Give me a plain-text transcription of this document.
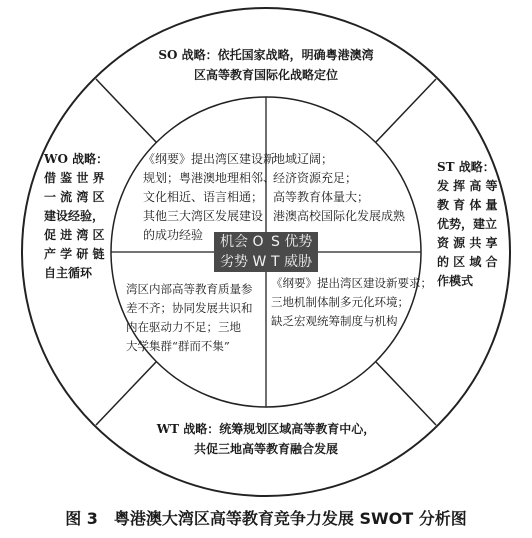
SO 战略：依托国家战略，明确粤港澳湾
区高等教育国际化战略定位
WO 战略：
借 鉴 世 界
一 流 湾 区
建设经验，
促 进 湾 区
产 学 研 链
自主循环
ST 战略：
发 挥 高 等
教 育 体 量
优势，建立
资 源 共 享
的 区 域 合
作模式
WT 战略：统筹规划区域高等教育中心，
共促三地高等教育融合发展
《纲要》提出湾区建设新
规划；粤港澳地理相邻、
文化相近、语言相通；
其他三大湾区发展建设
的成功经验
地域辽阔；
经济资源充足；
高等教育体量大；
港澳高校国际化发展成熟
湾区内部高等教育质量参
差不齐；协同发展共识和
内在驱动力不足；三地
大学集群“群而不集”
《纲要》提出湾区建设新要求；
三地机制体制多元化环境；
缺乏宏观统筹制度与机构
机会 O S 优势
劣势 W T 威胁
图 3　粤港澳大湾区高等教育竞争力发展 SWOT 分析图
